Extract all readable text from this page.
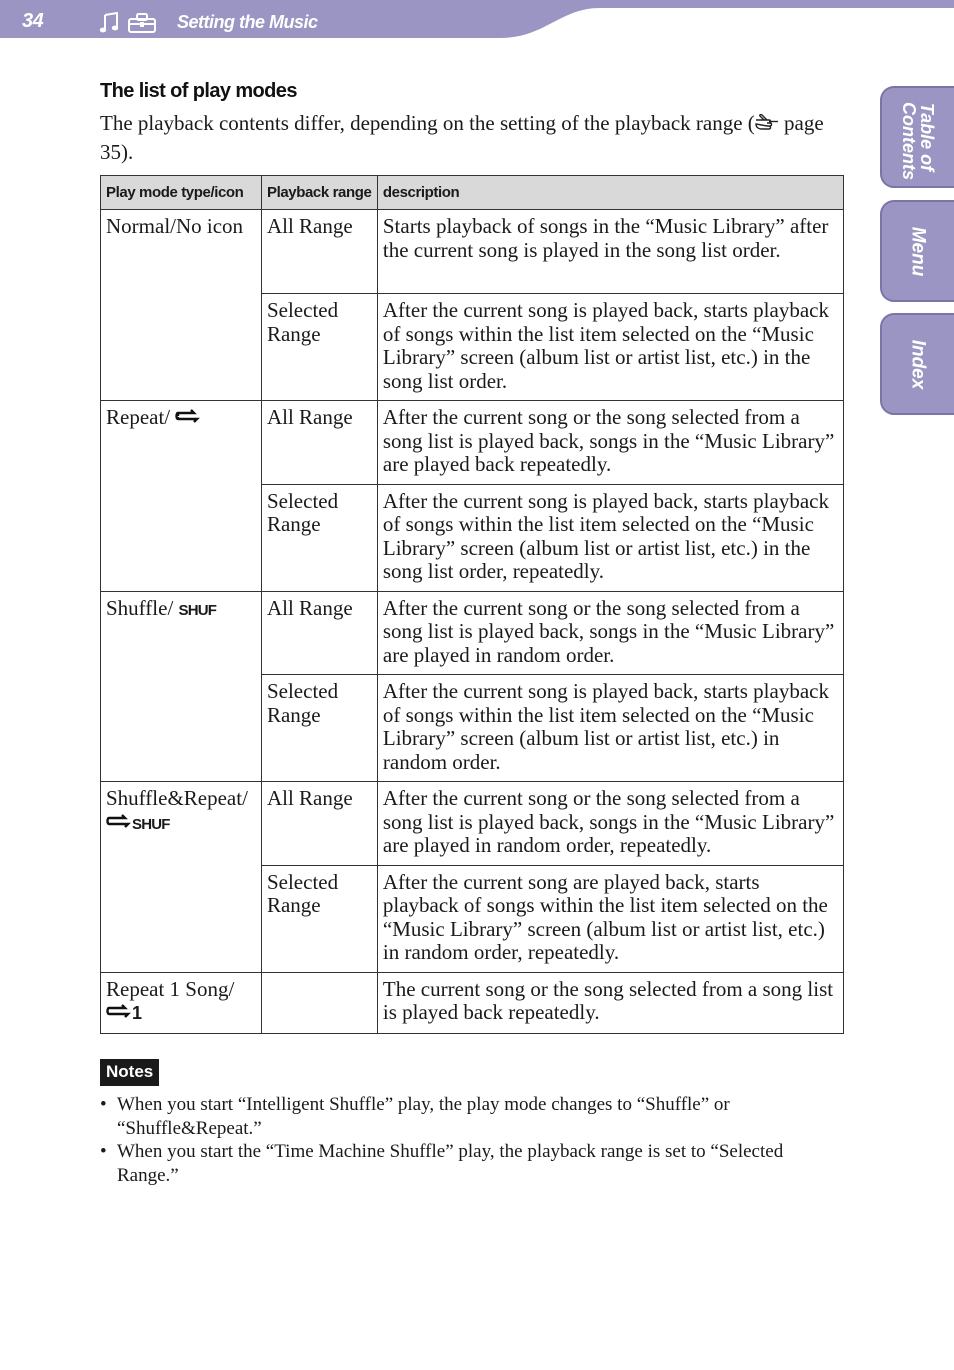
34	Setting the Music
Table of Contents
Menu
Index
The list of play modes
The playback contents differ, depending on the setting of the playback range ( page 35).
Play mode type/icon	Playback range	description
Normal/No icon	All Range	Starts playback of songs in the “Music Library” after the current song is played in the song list order.
	Selected Range	After the current song is played back, starts playback of songs within the list item selected on the “Music Library” screen (album list or artist list, etc.) in the song list order.
Repeat/	All Range	After the current song or the song selected from a song list is played back, songs in the “Music Library” are played back repeatedly.
	Selected Range	After the current song is played back, starts playback of songs within the list item selected on the “Music Library” screen (album list or artist list, etc.) in the song list order, repeatedly.
Shuffle/ SHUF	All Range	After the current song or the song selected from a song list is played back, songs in the “Music Library” are played in random order.
	Selected Range	After the current song is played back, starts playback of songs within the list item selected on the “Music Library” screen (album list or artist list, etc.) in random order.
Shuffle&Repeat/
SHUF	All Range	After the current song or the song selected from a song list is played back, songs in the “Music Library” are played in random order, repeatedly.
	Selected Range	After the current song are played back, starts playback of songs within the list item selected on the “Music Library” screen (album list or artist list, etc.) in random order, repeatedly.
Repeat 1 Song/
1		The current song or the song selected from a song list is played back repeatedly.
Notes
• When you start “Intelligent Shuffle” play, the play mode changes to “Shuffle” or “Shuffle&Repeat.”
• When you start the “Time Machine Shuffle” play, the playback range is set to “Selected Range.”
